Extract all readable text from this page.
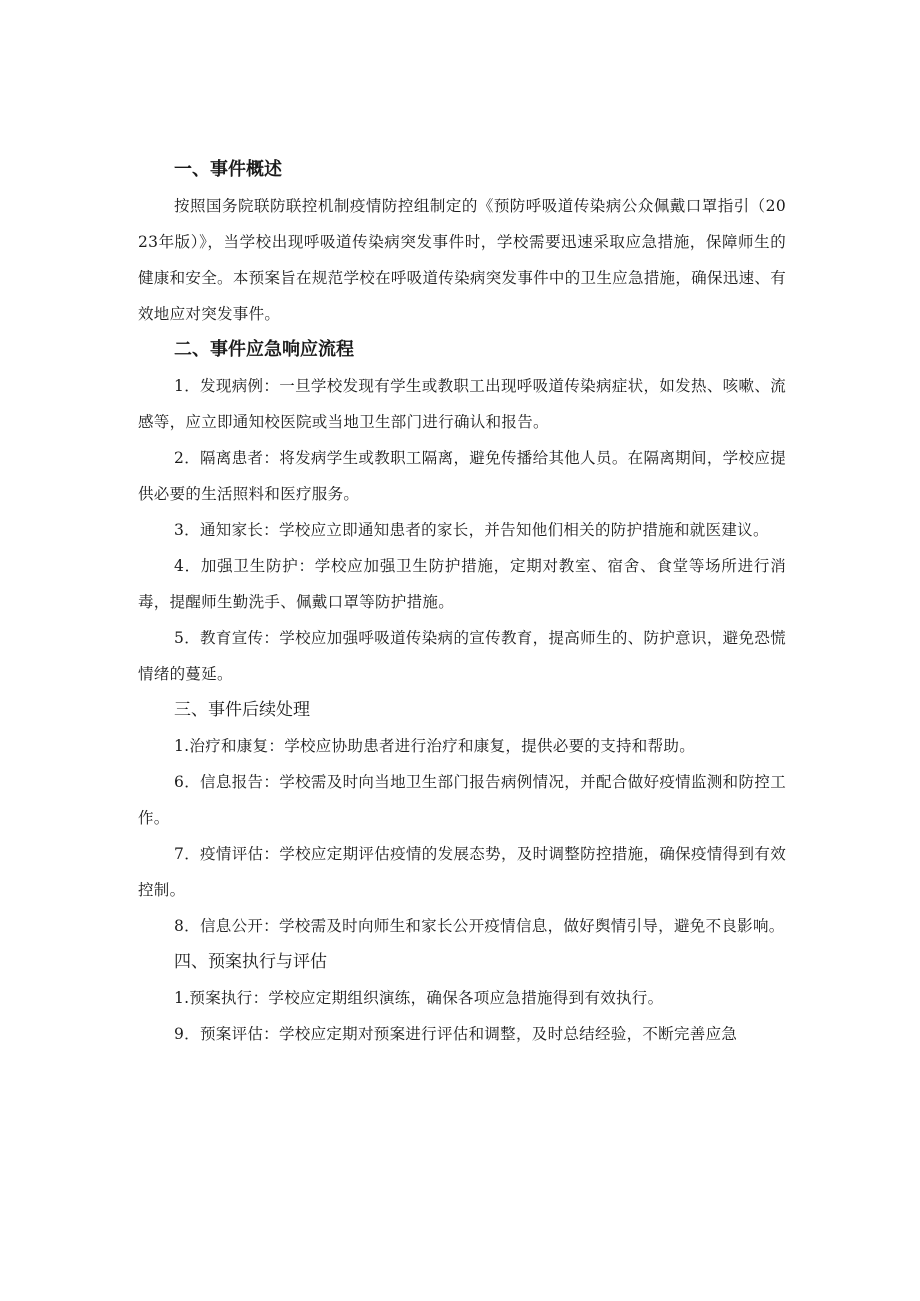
一、事件概述

按照国务院联防联控机制疫情防控组制定的《预防呼吸道传染病公众佩戴口罩指引（2023年版）》，当学校出现呼吸道传染病突发事件时，学校需要迅速采取应急措施，保障师生的健康和安全。本预案旨在规范学校在呼吸道传染病突发事件中的卫生应急措施，确保迅速、有效地应对突发事件。

二、事件应急响应流程

1．发现病例：一旦学校发现有学生或教职工出现呼吸道传染病症状，如发热、咳嗽、流感等，应立即通知校医院或当地卫生部门进行确认和报告。

2．隔离患者：将发病学生或教职工隔离，避免传播给其他人员。在隔离期间，学校应提供必要的生活照料和医疗服务。

3．通知家长：学校应立即通知患者的家长，并告知他们相关的防护措施和就医建议。

4．加强卫生防护：学校应加强卫生防护措施，定期对教室、宿舍、食堂等场所进行消毒，提醒师生勤洗手、佩戴口罩等防护措施。

5．教育宣传：学校应加强呼吸道传染病的宣传教育，提高师生的、防护意识，避免恐慌情绪的蔓延。

三、事件后续处理

1.治疗和康复：学校应协助患者进行治疗和康复，提供必要的支持和帮助。

6．信息报告：学校需及时向当地卫生部门报告病例情况，并配合做好疫情监测和防控工作。

7．疫情评估：学校应定期评估疫情的发展态势，及时调整防控措施，确保疫情得到有效控制。

8．信息公开：学校需及时向师生和家长公开疫情信息，做好舆情引导，避免不良影响。

四、预案执行与评估

1.预案执行：学校应定期组织演练，确保各项应急措施得到有效执行。

9．预案评估：学校应定期对预案进行评估和调整，及时总结经验，不断完善应急
